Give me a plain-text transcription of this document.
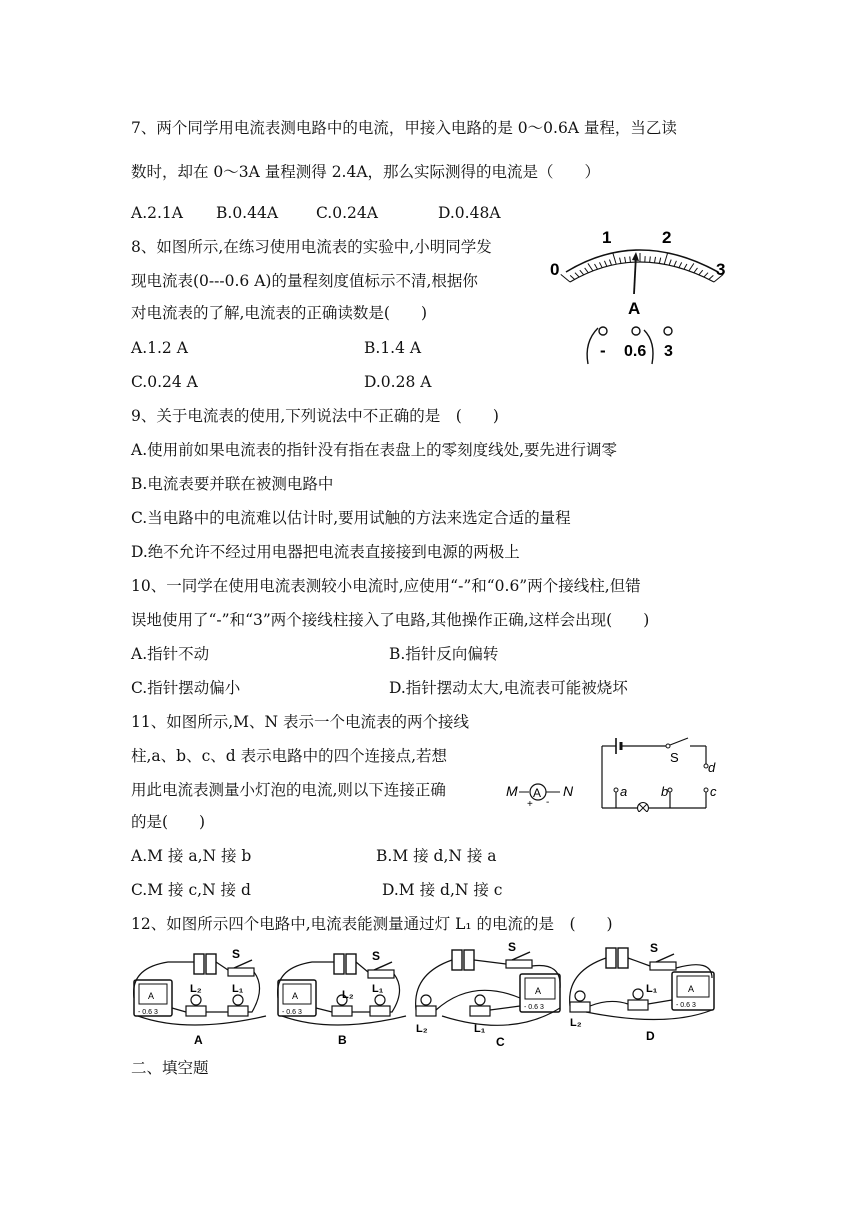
7、两个同学用电流表测电路中的电流，甲接入电路的是 0～0.6A 量程，当乙读
数时，却在 0～3A 量程测得 2.4A，那么实际测得的电流是（　　）
A.2.1A B.0.44A C.0.24A	D.0.48A
8、如图所示,在练习使用电流表的实验中,小明同学发
现电流表(0---0.6 A)的量程刻度值标示不清,根据你
对电流表的了解,电流表的正确读数是(　　)
A.1.2 A	B.1.4 A
C.0.24 A	D.0.28 A
0
1	2
3
A
- 0.6 3
9、关于电流表的使用,下列说法中不正确的是　(　　)
A.使用前如果电流表的指针没有指在表盘上的零刻度线处,要先进行调零
B.电流表要并联在被测电路中
C.当电路中的电流难以估计时,要用试触的方法来选定合适的量程
D.绝不允许不经过用电器把电流表直接接到电源的两极上
10、一同学在使用电流表测较小电流时,应使用“-”和“0.6”两个接线柱,但错
误地使用了“-”和“3”两个接线柱接入了电路,其他操作正确,这样会出现(　　)
A.指针不动	B.指针反向偏转
C.指针摆动偏小	D.指针摆动太大,电流表可能被烧坏
11、如图所示,M、N 表示一个电流表的两个接线
柱,a、b、c、d 表示电路中的四个连接点,若想
用此电流表测量小灯泡的电流,则以下连接正确
的是(　　)
A.M 接 a,N 接 b	B.M 接 d,N 接 a
C.M 接 c,N 接 d	D.M 接 d,N 接 c
M	N	a	b	c
d
A
+ -
S
12、如图所示四个电路中,电流表能测量通过灯 L₁ 的电流的是　(　　)
A
- 0.6 3
S
L₂	L₁
A
A
- 0.6 3
S
L₂ L₁
B
A
- 0.6 3
S
L₂	L₁
C
A
- 0.6 3
S
L₂
L₁
D
二、填空题
